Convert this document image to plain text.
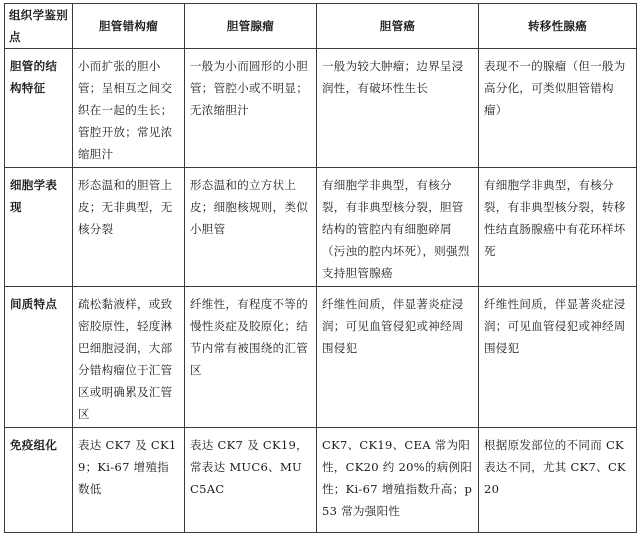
组织学鉴别点	胆管错构瘤	胆管腺瘤	胆管癌	转移性腺癌
胆管的结构特征	小而扩张的胆小管；呈相互之间交织在一起的生长；管腔开放；常见浓缩胆汁	一般为小而圆形的小胆管；管腔小或不明显；无浓缩胆汁	一般为较大肿瘤；边界呈浸润性，有破坏性生长	表现不一的腺瘤（但一般为高分化，可类似胆管错构瘤）
细胞学表现	形态温和的胆管上皮；无非典型，无核分裂	形态温和的立方状上皮；细胞核规则，类似小胆管	有细胞学非典型，有核分裂，有非典型核分裂，胆管结构的管腔内有细胞碎屑（污浊的腔内坏死），则强烈支持胆管腺癌	有细胞学非典型，有核分裂，有非典型核分裂，转移性结直肠腺癌中有花环样坏死
间质特点	疏松黏液样，或致密胶原性，轻度淋巴细胞浸润，大部分错构瘤位于汇管区或明确累及汇管区	纤维性，有程度不等的慢性炎症及胶原化；结节内常有被围绕的汇管区	纤维性间质，伴显著炎症浸润；可见血管侵犯或神经周围侵犯	纤维性间质，伴显著炎症浸润；可见血管侵犯或神经周围侵犯
免疫组化	表达 CK7 及 CK19；Ki-67 增殖指数低	表达 CK7 及 CK19，常表达 MUC6、MUC5AC	CK7、CK19、CEA 常为阳性，CK20 约 20%的病例阳性；Ki-67 增殖指数升高；p53 常为强阳性	根据原发部位的不同而 CK 表达不同，尤其 CK7、CK20
